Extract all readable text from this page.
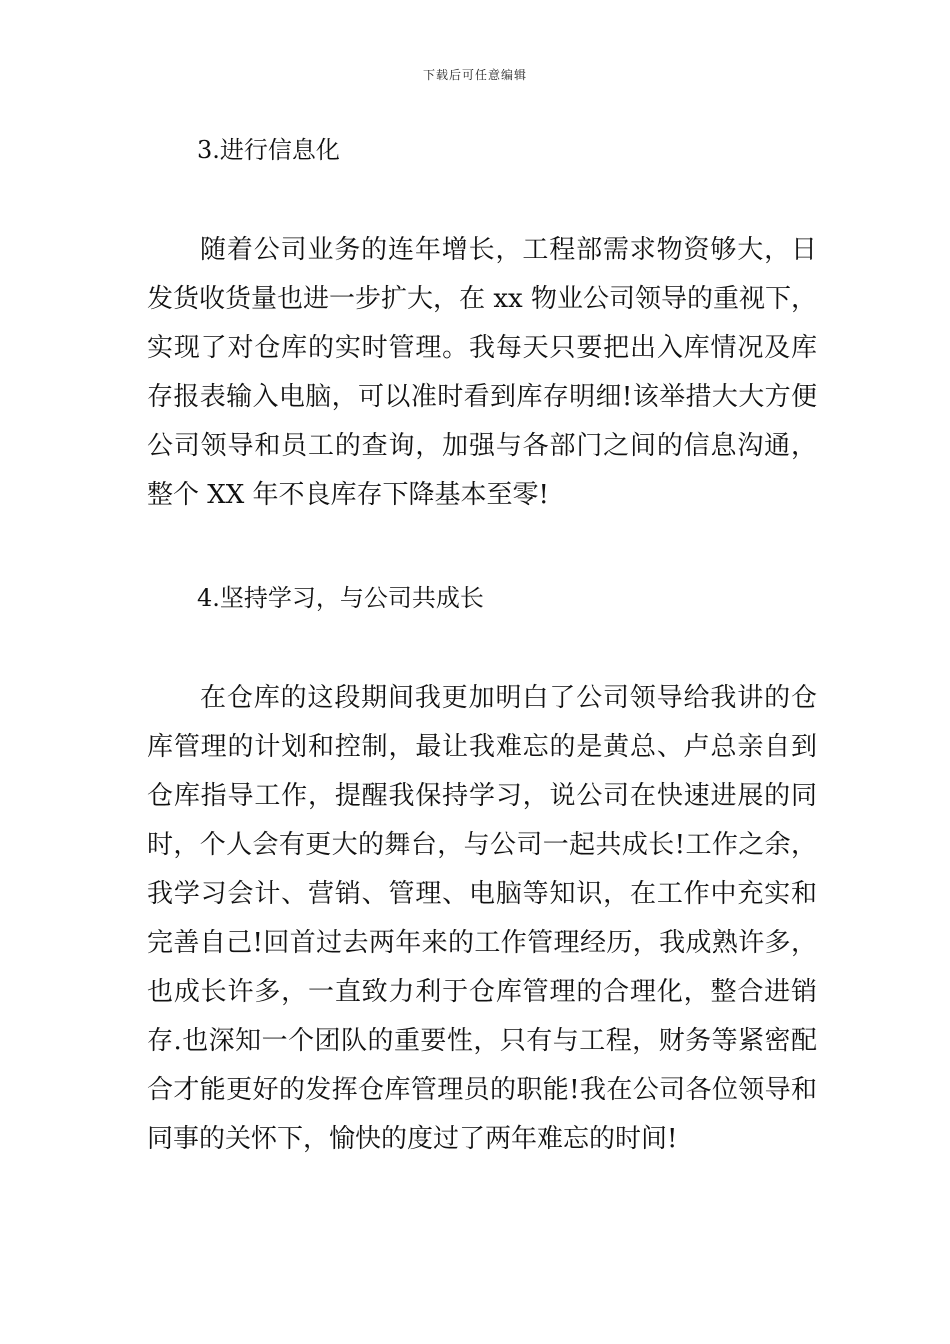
下载后可任意编辑
3.进行信息化
随着公司业务的连年增长，工程部需求物资够大，日
发货收货量也进一步扩大，在 xx 物业公司领导的重视下，
实现了对仓库的实时管理。我每天只要把出入库情况及库
存报表输入电脑，可以准时看到库存明细!该举措大大方便
公司领导和员工的查询，加强与各部门之间的信息沟通，
整个 XX 年不良库存下降基本至零!
4.坚持学习，与公司共成长
在仓库的这段期间我更加明白了公司领导给我讲的仓
库管理的计划和控制，最让我难忘的是黄总、卢总亲自到
仓库指导工作，提醒我保持学习，说公司在快速进展的同
时，个人会有更大的舞台，与公司一起共成长!工作之余，
我学习会计、营销、管理、电脑等知识，在工作中充实和
完善自己!回首过去两年来的工作管理经历，我成熟许多，
也成长许多，一直致力利于仓库管理的合理化，整合进销
存.也深知一个团队的重要性，只有与工程，财务等紧密配
合才能更好的发挥仓库管理员的职能!我在公司各位领导和
同事的关怀下，愉快的度过了两年难忘的时间!
